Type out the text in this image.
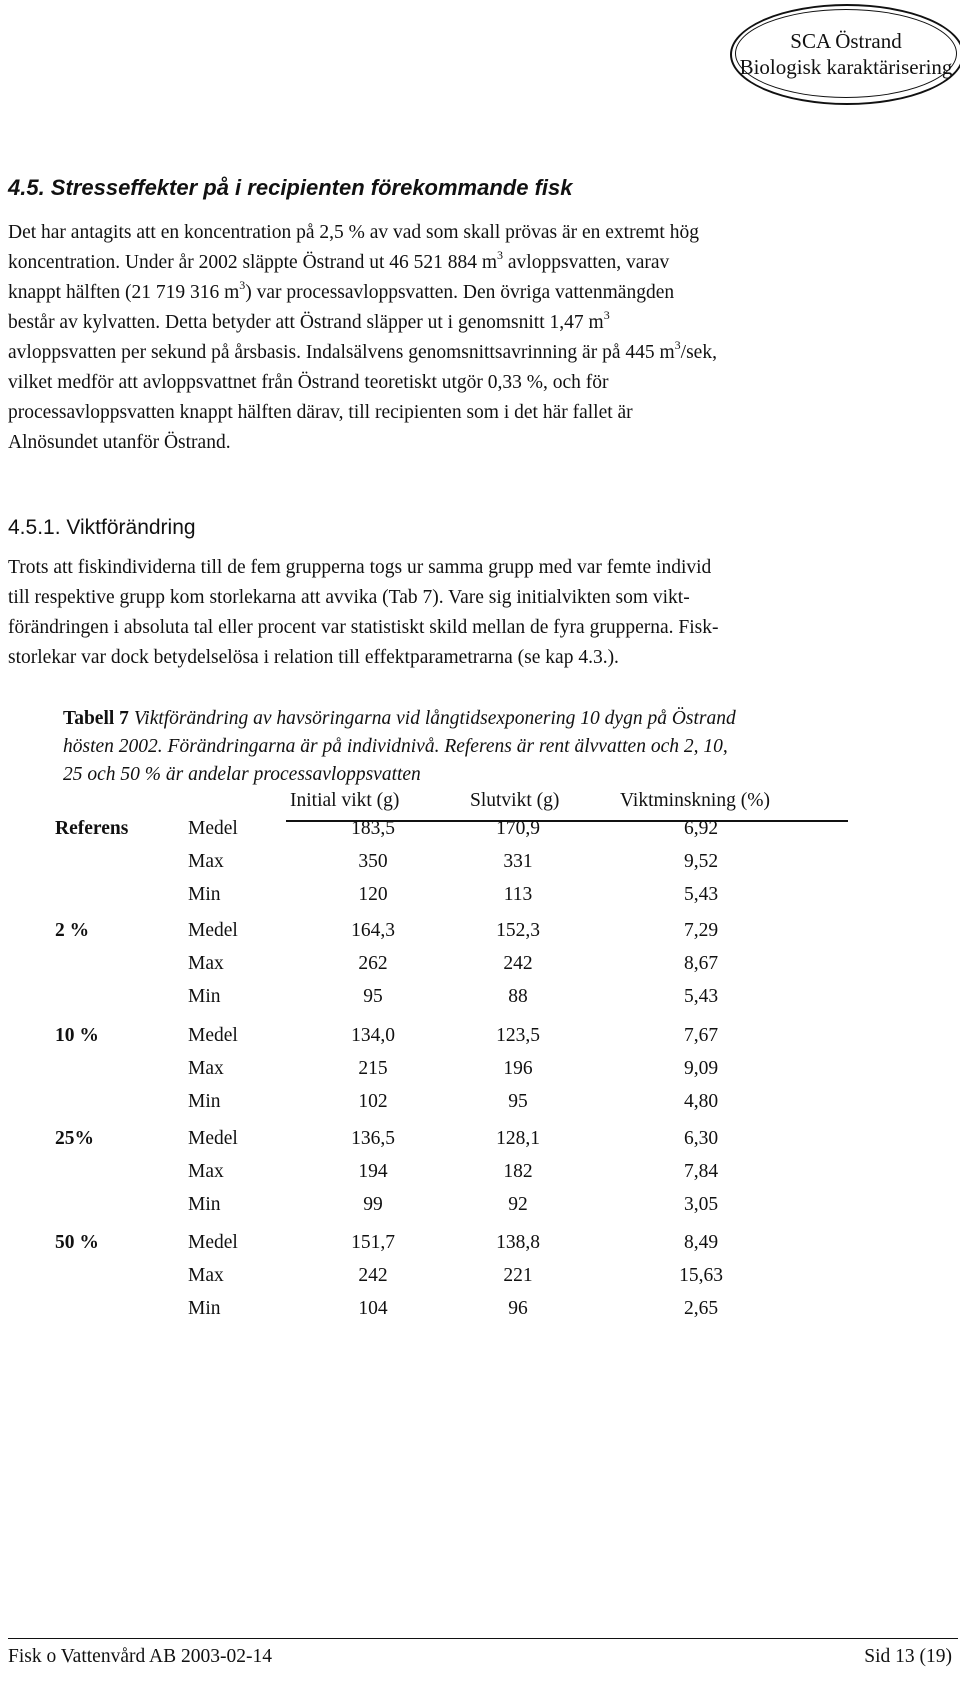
SCA Östrand
Biologisk karaktärisering
4.5. Stresseffekter på i recipienten förekommande fisk
Det har antagits att en koncentration på 2,5 % av vad som skall prövas är en extremt hög
koncentration. Under år 2002 släppte Östrand ut 46 521 884 $m^3$ avloppsvatten, varav
knappt hälften (21 719 316 $m^3$) var processavloppsvatten. Den övriga vattenmängden
består av kylvatten. Detta betyder att Östrand släpper ut i genomsnitt 1,47 $m^3$
avloppsvatten per sekund på årsbasis. Indalsälvens genomsnittsavrinning är på 445 $m^3$/sek,
vilket medför att avloppsvattnet från Östrand teoretiskt utgör 0,33 %, och för
processavloppsvatten knappt hälften därav, till recipienten som i det här fallet är
Alnösundet utanför Östrand.
4.5.1. Viktförändring
Trots att fiskindividerna till de fem grupperna togs ur samma grupp med var femte individ
till respektive grupp kom storlekarna att avvika (Tab 7). Vare sig initialvikten som vikt-
förändringen i absoluta tal eller procent var statistiskt skild mellan de fyra grupperna. Fisk-
storlekar var dock betydelselösa i relation till effektparametrarna (se kap 4.3.).
Tabell 7 Viktförändring av havsöringarna vid långtidsexponering 10 dygn på Östrand
hösten 2002. Förändringarna är på individnivå. Referens är rent älvvatten och 2, 10,
25 och 50 % är andelar processavloppsvatten
Initial vikt (g)	Slutvikt (g)	Viktminskning (%)
Referens	Medel	183,5	170,9	6,92
Max	350	331	9,52
Min	120	113	5,43
2 %	Medel	164,3	152,3	7,29
Max	262	242	8,67
Min	95	88	5,43
10 %	Medel	134,0	123,5	7,67
Max	215	196	9,09
Min	102	95	4,80
25%	Medel	136,5	128,1	6,30
Max	194	182	7,84
Min	99	92	3,05
50 %	Medel	151,7	138,8	8,49
Max	242	221	15,63
Min	104	96	2,65
Fisk o Vattenvård AB 2003-02-14	Sid 13 (19)
